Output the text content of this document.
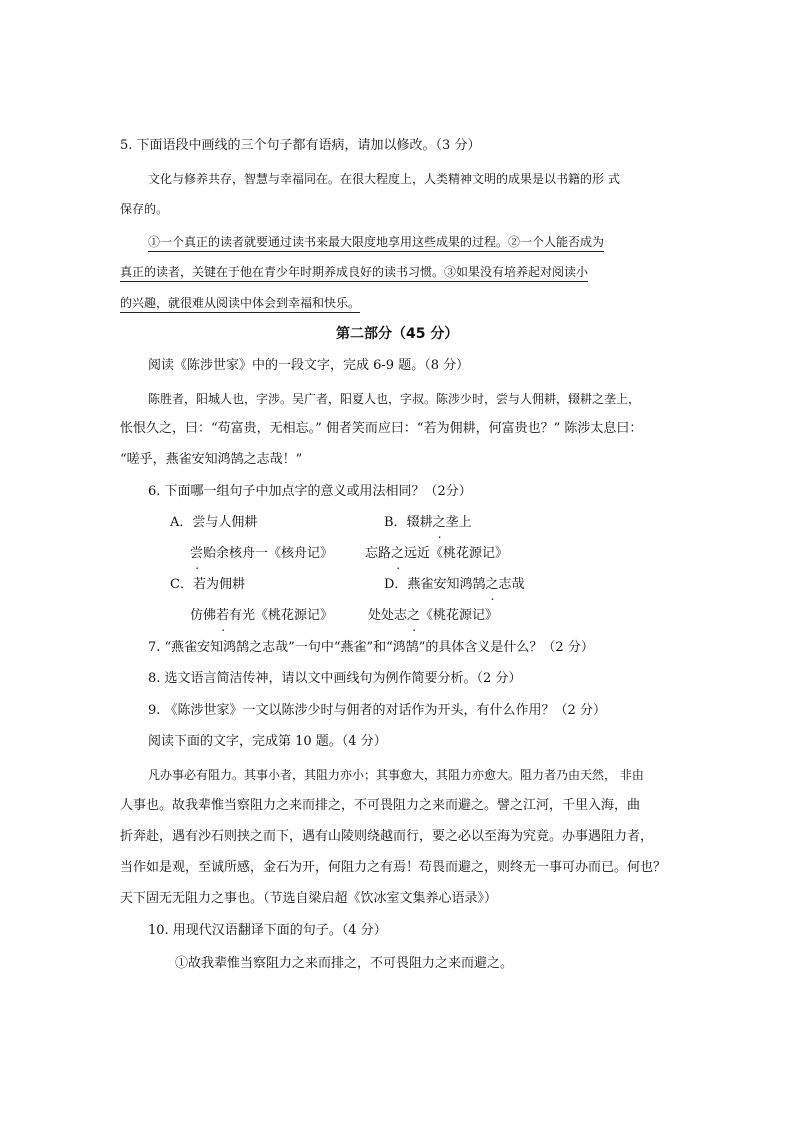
5. 下面语段中画线的三个句子都有语病，请加以修改。（3 分）
文化与修养共存，智慧与幸福同在。在很大程度上，人类精神文明的成果是以书籍的形 式
保存的。
①一个真正的读者就要通过读书来最大限度地享用这些成果的过程。②一个人能否成为
真正的读者，关键在于他在青少年时期养成良好的读书习惯。③如果没有培养起对阅读小
的兴趣，就很难从阅读中体会到幸福和快乐。
第二部分（45 分）
阅读《陈涉世家》中的一段文字，完成 6-9 题。（8 分）
陈胜者，阳城人也，字涉。吴广者，阳夏人也，字叔。陈涉少时，尝与人佣耕，辍耕之垄上，
怅恨久之，曰：“苟富贵，无相忘。” 佣者笑而应曰：“若为佣耕，何富贵也？” 陈涉太息曰：
“嗟乎，燕雀安知鸿鹄之志哉！”
6. 下面哪一组句子中加点字的意义或用法相同？（2分）
A．尝与人佣耕	B．辍耕之垄上
尝贻余核舟一《核舟记》 忘路之远近《桃花源记》
C．若为佣耕	D．燕雀安知鸿鹄之志哉
仿佛若有光《桃花源记》	处处志之《桃花源记》
7. “燕雀安知鸿鹄之志哉”一句中“燕雀”和“鸿鹄”的具体含义是什么？（2 分）
8. 选文语言简洁传神，请以文中画线句为例作简要分析。（2 分）
9. 《陈涉世家》一文以陈涉少时与佣者的对话作为开头，有什么作用？（2 分）
阅读下面的文字，完成第 10 题。（4 分）
凡办事必有阻力。其事小者，其阻力亦小；其事愈大，其阻力亦愈大。阻力者乃由天然， 非由
人事也。故我辈惟当察阻力之来而排之，不可畏阻力之来而避之。譬之江河，千里入海，曲
折奔赴，遇有沙石则挟之而下，遇有山陵则绕越而行，要之必以至海为究竟。办事遇阻力者，
当作如是观，至诚所感，金石为开，何阻力之有焉！苟畏而避之，则终无一事可办而已。何也？
天下固无无阻力之事也。（节选自梁启超《饮冰室文集养心语录》）
10. 用现代汉语翻译下面的句子。（4 分）
①故我辈惟当察阻力之来而排之，不可畏阻力之来而避之。
